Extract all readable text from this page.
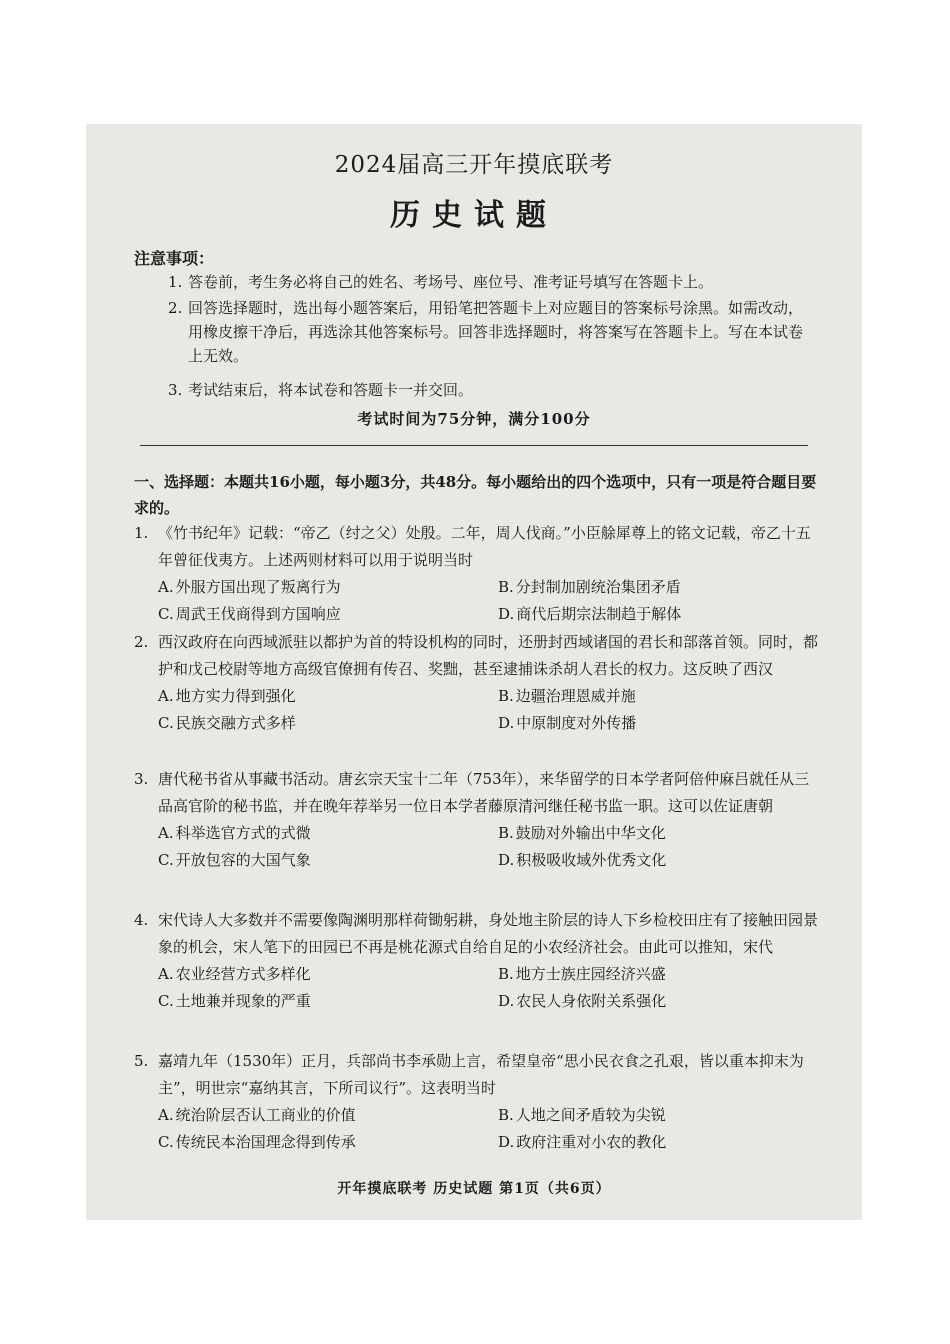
2024届高三开年摸底联考
历史试题
注意事项：
1. 答卷前，考生务必将自己的姓名、考场号、座位号、准考证号填写在答题卡上。
2. 回答选择题时，选出每小题答案后，用铅笔把答题卡上对应题目的答案标号涂黑。如需改动，用橡皮擦干净后，再选涂其他答案标号。回答非选择题时，将答案写在答题卡上。写在本试卷上无效。
3. 考试结束后，将本试卷和答题卡一并交回。
考试时间为75分钟，满分100分
一、选择题：本题共16小题，每小题3分，共48分。每小题给出的四个选项中，只有一项是符合题目要求的。
1. 《竹书纪年》记载：“帝乙（纣之父）处殷。二年，周人伐商。”小臣艅犀尊上的铭文记载，帝乙十五年曾征伐夷方。上述两则材料可以用于说明当时
A. 外服方国出现了叛离行为	B. 分封制加剧统治集团矛盾
C. 周武王伐商得到方国响应	D. 商代后期宗法制趋于解体
2. 西汉政府在向西域派驻以都护为首的特设机构的同时，还册封西域诸国的君长和部落首领。同时，都护和戊己校尉等地方高级官僚拥有传召、奖黜，甚至逮捕诛杀胡人君长的权力。这反映了西汉
A. 地方实力得到强化	B. 边疆治理恩威并施
C. 民族交融方式多样	D. 中原制度对外传播
3. 唐代秘书省从事藏书活动。唐玄宗天宝十二年（753年），来华留学的日本学者阿倍仲麻吕就任从三品高官阶的秘书监，并在晚年荐举另一位日本学者藤原清河继任秘书监一职。这可以佐证唐朝
A. 科举选官方式的式微	B. 鼓励对外输出中华文化
C. 开放包容的大国气象	D. 积极吸收域外优秀文化
4. 宋代诗人大多数并不需要像陶渊明那样荷锄躬耕，身处地主阶层的诗人下乡检校田庄有了接触田园景象的机会，宋人笔下的田园已不再是桃花源式自给自足的小农经济社会。由此可以推知，宋代
A. 农业经营方式多样化	B. 地方士族庄园经济兴盛
C. 土地兼并现象的严重	D. 农民人身依附关系强化
5. 嘉靖九年（1530年）正月，兵部尚书李承勋上言，希望皇帝“思小民衣食之孔艰，皆以重本抑末为主”，明世宗“嘉纳其言，下所司议行”。这表明当时
A. 统治阶层否认工商业的价值	B. 人地之间矛盾较为尖锐
C. 传统民本治国理念得到传承	D. 政府注重对小农的教化
开年摸底联考 历史试题 第1页（共6页）
